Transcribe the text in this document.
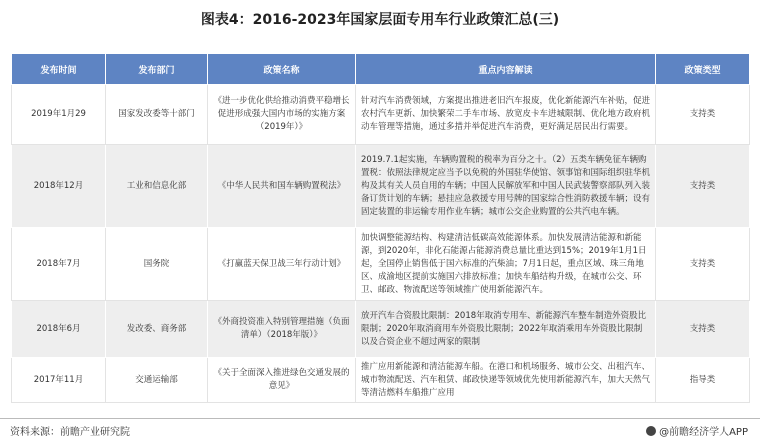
图表4：2016-2023年国家层面专用车行业政策汇总(三)
发布时间	发布部门	政策名称	重点内容解读	政策类型
2019年1月29	国家发改委等十部门	《进一步优化供给推动消费平稳增长促进形成强大国内市场的实施方案（2019年）》	针对汽车消费领域，方案提出推进老旧汽车报废，优化新能源汽车补贴，促进农村汽车更新、加快繁荣二手车市场、放宽皮卡车进城限制、优化地方政府机动车管理等措施，通过多措并举促进汽车消费，更好满足居民出行需要。	支持类
2018年12月	工业和信息化部	《中华人民共和国车辆购置税法》	2019.7.1起实施，车辆购置税的税率为百分之十。（2）五类车辆免征车辆购置税：依照法律规定应当予以免税的外国驻华使馆、领事馆和国际组织驻华机构及其有关人员自用的车辆；中国人民解放军和中国人民武装警察部队列入装备订货计划的车辆；悬挂应急救援专用号牌的国家综合性消防救援车辆；设有固定装置的非运输专用作业车辆；城市公交企业购置的公共汽电车辆。	支持类
2018年7月	国务院	《打赢蓝天保卫战三年行动计划》	加快调整能源结构、构建清洁低碳高效能源体系。加快发展清洁能源和新能源，到2020年，非化石能源占能源消费总量比重达到15%；2019年1月1日起，全国停止销售低于国六标准的汽柴油；7月1日起，重点区域、珠三角地区、成渝地区提前实施国六排放标准；加快车船结构升级，在城市公交、环卫、邮政、物流配送等领域推广使用新能源汽车。	支持类
2018年6月	发改委、商务部	《外商投资准入特别管理措施（负面清单）（2018年版）》	放开汽车合资股比限制：2018年取消专用车、新能源汽车整车制造外资股比限制；2020年取消商用车外资股比限制；2022年取消乘用车外资股比限制以及合资企业不超过两家的限制	支持类
2017年11月	交通运输部	《关于全面深入推进绿色交通发展的意见》	推广应用新能源和清洁能源车船。在港口和机场服务、城市公交、出租汽车、城市物流配送、汽车租赁、邮政快递等领域优先使用新能源汽车，加大天然气等清洁燃料车船推广应用	指导类
资料来源：前瞻产业研究院	@前瞻经济学人APP
